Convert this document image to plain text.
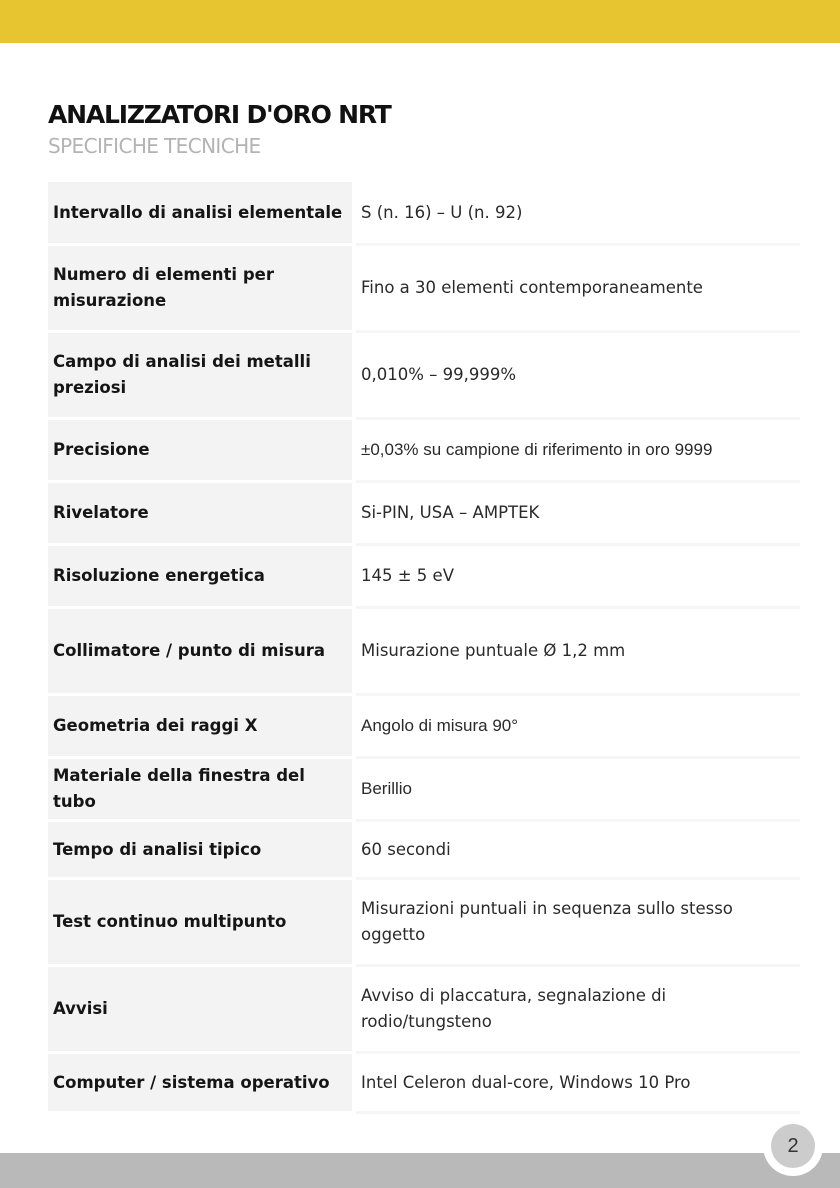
ANALIZZATORI D'ORO NRT
SPECIFICHE TECNICHE
Intervallo di analisi elementale	S (n. 16) – U (n. 92)
Numero di elementi per misurazione	Fino a 30 elementi contemporaneamente
Campo di analisi dei metalli preziosi	0,010% – 99,999%
Precisione	±0,03% su campione di riferimento in oro 9999
Rivelatore	Si-PIN, USA – AMPTEK
Risoluzione energetica	145 ± 5 eV
Collimatore / punto di misura	Misurazione puntuale Ø 1,2 mm
Geometria dei raggi X	Angolo di misura 90°
Materiale della finestra del tubo	Berillio
Tempo di analisi tipico	60 secondi
Test continuo multipunto	Misurazioni puntuali in sequenza sullo stesso oggetto
Avvisi	Avviso di placcatura, segnalazione di rodio/tungsteno
Computer / sistema operativo	Intel Celeron dual-core, Windows 10 Pro
2
